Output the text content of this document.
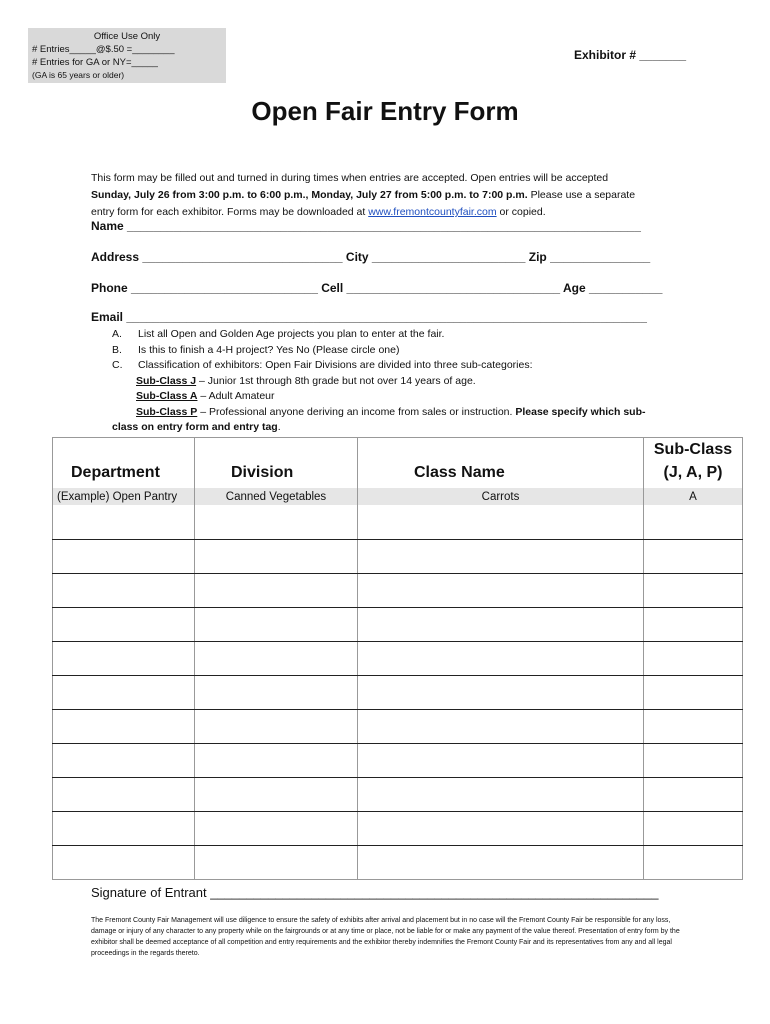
Office Use Only
# Entries_____@$.50 =________
# Entries for GA or NY=_____
(GA is 65 years or older)
Exhibitor # _______
Open Fair Entry Form
This form may be filled out and turned in during times when entries are accepted. Open entries will be accepted
Sunday, July 26 from 3:00 p.m. to 6:00 p.m., Monday, July 27 from 5:00 p.m. to 7:00 p.m. Please use a separate
entry form for each exhibitor. Forms may be downloaded at www.fremontcountyfair.com or copied.
Name _____________________________________________________________________________
Address ______________________________ City _______________________ Zip _______________
Phone ____________________________ Cell ________________________________ Age ___________
Email ______________________________________________________________________________
A.	List all Open and Golden Age projects you plan to enter at the fair.
B.	Is this to finish a 4-H project? Yes No (Please circle one)
C.	Classification of exhibitors: Open Fair Divisions are divided into three sub-categories:
Sub-Class J – Junior 1st through 8th grade but not over 14 years of age.
Sub-Class A – Adult Amateur
Sub-Class P – Professional anyone deriving an income from sales or instruction. Please specify which sub-
class on entry form and entry tag.
Department	Division	Class Name	Sub-Class
(J, A, P)
(Example) Open Pantry	Canned Vegetables	Carrots	A

Signature of Entrant ______________________________________________________________
The Fremont County Fair Management will use diligence to ensure the safety of exhibits after arrival and placement but in no case will the Fremont County Fair be responsible for any loss, damage or injury of any character to any property while on the fairgrounds or at any time or place, not be liable for or make any payment of the value thereof. Presentation of entry form by the exhibitor shall be deemed acceptance of all competition and entry requirements and the exhibitor thereby indemnifies the Fremont County Fair and its representatives from any and all legal proceedings in the regards thereto.
